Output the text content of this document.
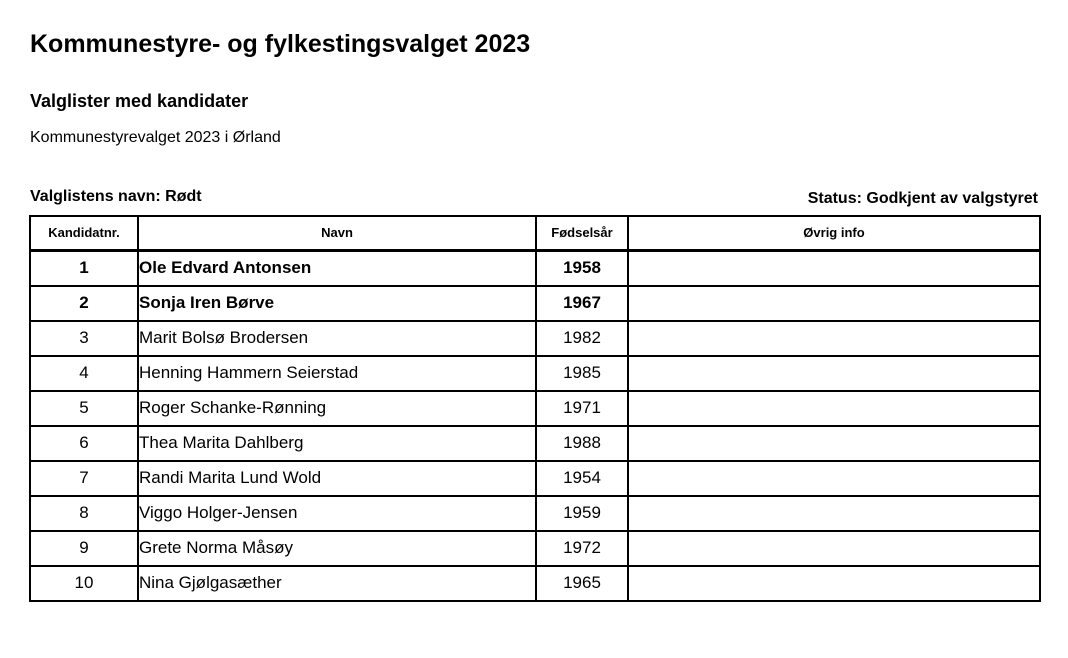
Kommunestyre- og fylkestingsvalget 2023
Valglister med kandidater

Kommunestyrevalget 2023 i Ørland

Valglistens navn: Rødt	Status: Godkjent av valgstyret
Kandidatnr.	Navn	Fødselsår	Øvrig info
1	Ole Edvard Antonsen	1958	
2	Sonja Iren Børve	1967	
3	Marit Bolsø Brodersen	1982	
4	Henning Hammern Seierstad	1985	
5	Roger Schanke-Rønning	1971	
6	Thea Marita Dahlberg	1988	
7	Randi Marita Lund Wold	1954	
8	Viggo Holger-Jensen	1959	
9	Grete Norma Måsøy	1972	
10	Nina Gjølgasæther	1965	
